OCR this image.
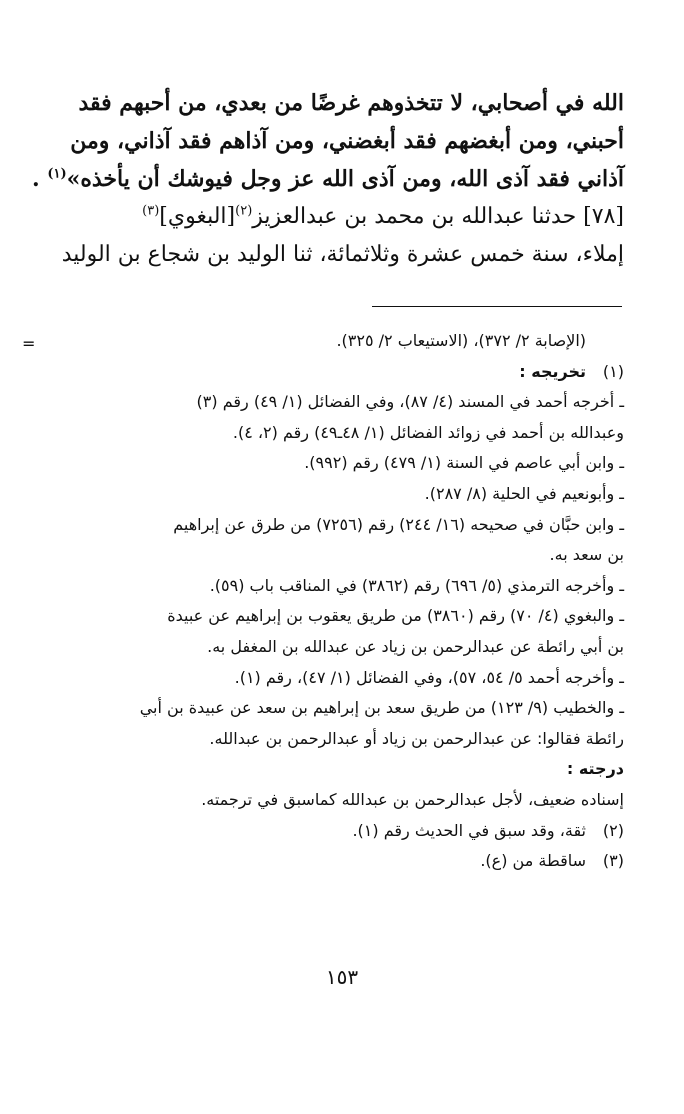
الله في أصحابي، لا تتخذوهم غرضًا من بعدي، من أحبهم فقد
أحبني، ومن أبغضهم فقد أبغضني، ومن آذاهم فقد آذاني، ومن
آذاني فقد آذى الله، ومن آذى الله عز وجل فيوشك أن يأخذه»$^{(١)}$ .
[٧٨] حدثنا عبدالله بن محمد بن عبدالعزيز$^{(٢)}$[البغوي]$^{(٣)}$
إملاء، سنة خمس عشرة وثلاثمائة، ثنا الوليد بن شجاع بن الوليد
=	(الإصابة ٢/ ٣٧٢)، (الاستيعاب ٢/ ٣٢٥).
(١)تخريجه :
ـ أخرجه أحمد في المسند (٤/ ٨٧)، وفي الفضائل (١/ ٤٩) رقم (٣)
وعبدالله بن أحمد في زوائد الفضائل (١/ ٤٨ـ٤٩) رقم (٢، ٤).
ـ وابن أبي عاصم في السنة (١/ ٤٧٩) رقم (٩٩٢).
ـ وأبونعيم في الحلية (٨/ ٢٨٧).
ـ وابن حبَّان في صحيحه (١٦/ ٢٤٤) رقم (٧٢٥٦) من طرق عن إبراهيم
بن سعد به.
ـ وأخرجه الترمذي (٥/ ٦٩٦) رقم (٣٨٦٢) في المناقب باب (٥٩).
ـ والبغوي (٤/ ٧٠) رقم (٣٨٦٠) من طريق يعقوب بن إبراهيم عن عبيدة
بن أبي رائطة عن عبدالرحمن بن زياد عن عبدالله بن المغفل به.
ـ وأخرجه أحمد ٥/ ٥٤، ٥٧)، وفي الفضائل (١/ ٤٧)، رقم (١).
ـ والخطيب (٩/ ١٢٣) من طريق سعد بن إبراهيم بن سعد عن عبيدة بن أبي
رائطة فقالوا: عن عبدالرحمن بن زياد أو عبدالرحمن بن عبدالله.
درجته :
إسناده ضعيف، لأجل عبدالرحمن بن عبدالله كماسبق في ترجمته.
(٢)ثقة، وقد سبق في الحديث رقم (١).
(٣)ساقطة من (ع).
١٥٣
